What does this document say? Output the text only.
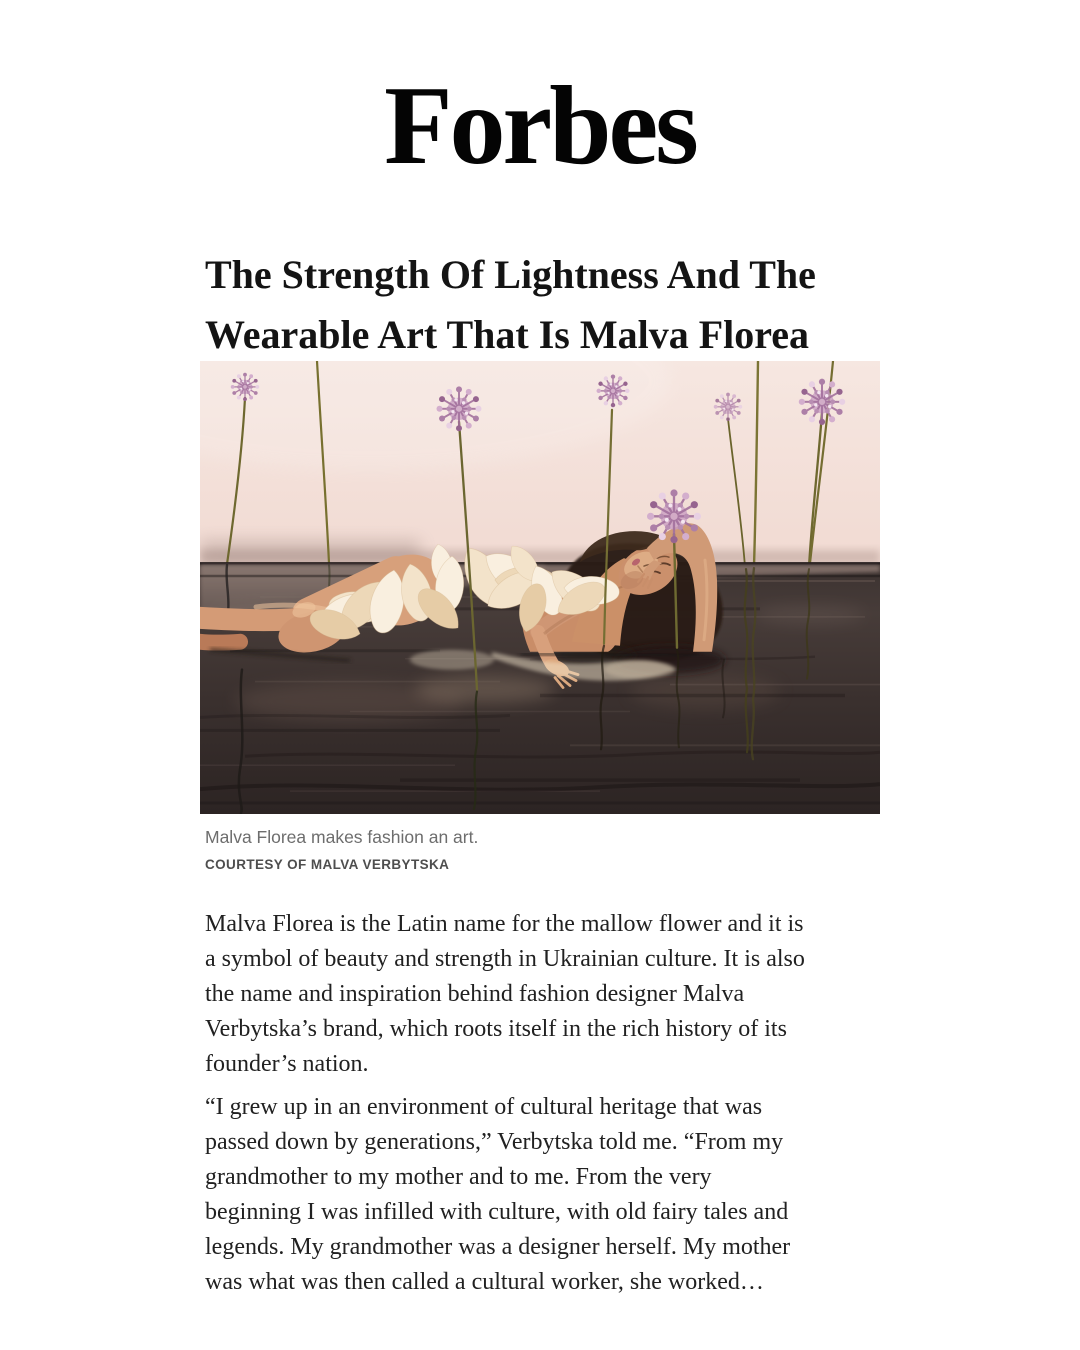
Forbes
The Strength Of Lightness And The
Wearable Art That Is Malva Florea
Malva Florea makes fashion an art.
COURTESY OF MALVA VERBYTSKA

Malva Florea is the Latin name for the mallow flower and it is
a symbol of beauty and strength in Ukrainian culture. It is also
the name and inspiration behind fashion designer Malva
Verbytska’s brand, which roots itself in the rich history of its
founder’s nation.

“I grew up in an environment of cultural heritage that was
passed down by generations,” Verbytska told me. “From my
grandmother to my mother and to me. From the very
beginning I was infilled with culture, with old fairy tales and
legends. My grandmother was a designer herself. My mother
was what was then called a cultural worker, she worked…
